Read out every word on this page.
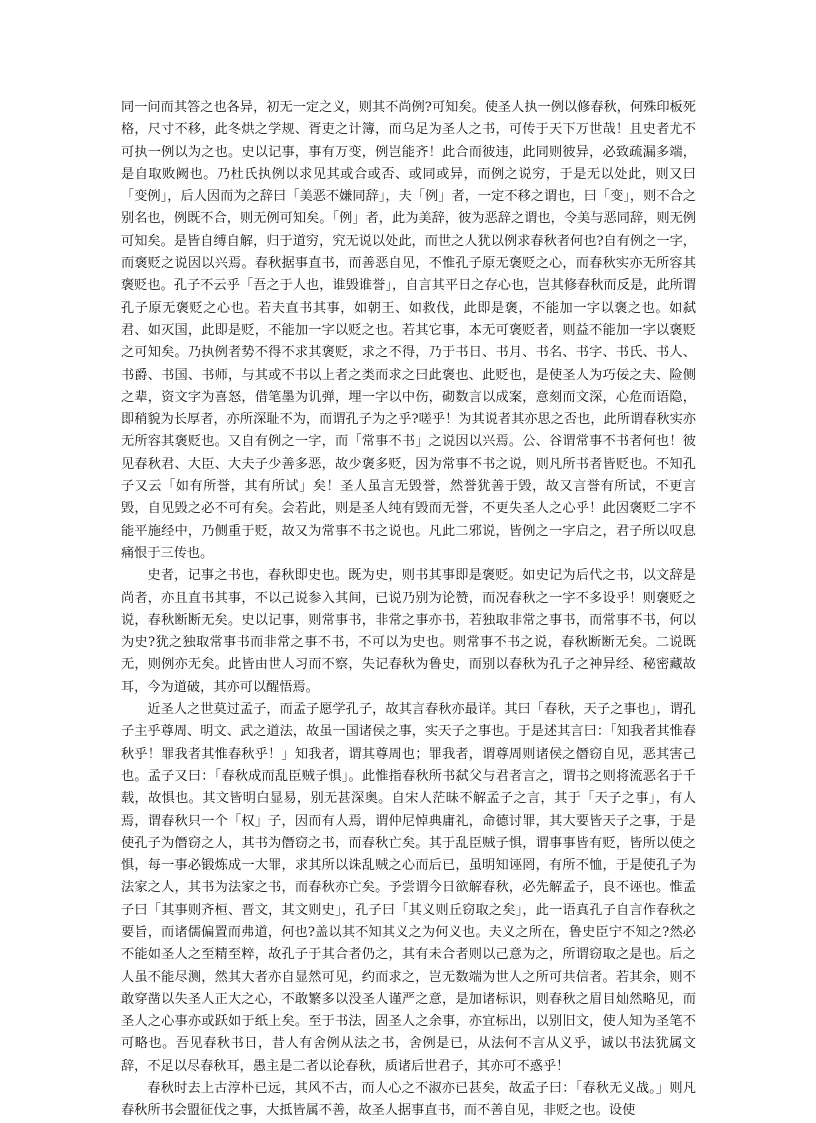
同一问而其答之也各异，初无一定之义，则其不尚例?可知矣。使圣人执一例以修春秋，何殊印板死格，尺寸不移，此冬烘之学规、胥吏之计簿，而乌足为圣人之书，可传于天下万世哉！且史者尤不可执一例以为之也。史以记事，事有万变，例岂能齐！此合而彼违，此同则彼异，必致疏漏多端，是自取败阙也。乃杜氏执例以求见其或合或否、或同或异，而例之说穷，于是无以处此，则又曰「变例」，后人因而为之辞曰「美恶不嫌同辞」，夫「例」者，一定不移之谓也，曰「变」，则不合之别名也，例既不合，则无例可知矣。「例」者，此为美辞，彼为恶辞之谓也，令美与恶同辞，则无例可知矣。是皆自缚自解，归于道穷，究无说以处此，而世之人犹以例求春秋者何也?自有例之一字，而褒贬之说因以兴焉。春秋据事直书，而善恶自见，不惟孔子原无褒贬之心，而春秋实亦无所容其褒贬也。孔子不云乎「吾之于人也，谁毁谁誉」，自言其平日之存心也，岂其修春秋而反是，此所谓孔子原无褒贬之心也。若夫直书其事，如朝王、如救伐，此即是褒，不能加一字以褒之也。如弑君、如灭国，此即是贬，不能加一字以贬之也。若其它事，本无可褒贬者，则益不能加一字以褒贬之可知矣。乃执例者势不得不求其褒贬，求之不得，乃于书日、书月、书名、书字、书氏、书人、书爵、书国、书师，与其或不书以上者之类而求之曰此褒也、此贬也，是使圣人为巧佞之夫、险侧之辈，资文字为喜怒，借笔墨为讥弹，埋一字以中伤，砌数言以成案，意刻而文深，心危而语隐，即稍貌为长厚者，亦所深耻不为，而谓孔子为之乎?嗟乎！为其说者其亦思之否也，此所谓春秋实亦无所容其褒贬也。又自有例之一字，而「常事不书」之说因以兴焉。公、谷谓常事不书者何也！彼见春秋君、大臣、大夫子少善多恶，故少褒多贬，因为常事不书之说，则凡所书者皆贬也。不知孔子又云「如有所誉，其有所试」矣！圣人虽言无毁誉，然誉犹善于毁，故又言誉有所试，不更言毁，自见毁之必不可有矣。会若此，则是圣人纯有毁而无誉，不更失圣人之心乎！此因褒贬二字不能平施经中，乃侧重于贬，故又为常事不书之说也。凡此二邪说，皆例之一字启之，君子所以叹息痛恨于三传也。

史者，记事之书也，春秋即史也。既为史，则书其事即是褒贬。如史记为后代之书，以文辞是尚者，亦且直书其事，不以己说参入其间，已说乃别为论赞，而况春秋之一字不多设乎！则褒贬之说，春秋断断无矣。史以记事，则常事书，非常之事亦书，若独取非常之事书，而常事不书，何以为史?犹之独取常事书而非常之事不书，不可以为史也。则常事不书之说，春秋断断无矣。二说既无，则例亦无矣。此皆由世人习而不察，失记春秋为鲁史，而别以春秋为孔子之神异经、秘密藏故耳，今为道破，其亦可以醒悟焉。

近圣人之世莫过孟子，而孟子愿学孔子，故其言春秋亦最详。其曰「春秋，天子之事也」，谓孔子主乎尊周、明文、武之道法，故虽一国诸侯之事，实天子之事也。于是述其言曰：「知我者其惟春秋乎！罪我者其惟春秋乎！」知我者，谓其尊周也；罪我者，谓尊周则诸侯之僭窃自见，恶其害己也。孟子又曰：「春秋成而乱臣贼子惧」。此惟指春秋所书弑父与君者言之，谓书之则将流恶名于千载，故惧也。其文皆明白显易，别无甚深奥。自宋人茫昧不解孟子之言，其于「天子之事」，有人焉，谓春秋只一个「权」子，因而有人焉，谓仲尼悼典庸礼，命德讨罪，其大要皆天子之事，于是使孔子为僭窃之人，其书为僭窃之书，而春秋亡矣。其于乱臣贼子惧，谓事事皆有贬，皆所以使之惧，每一事必锻炼成一大罪，求其所以诛乱贼之心而后已，虽明知诬罔，有所不恤，于是使孔子为法家之人，其书为法家之书，而春秋亦亡矣。予尝谓今日欲解春秋，必先解孟子，良不诬也。惟孟子曰「其事则齐桓、晋文，其文则史」，孔子曰「其义则丘窃取之矣」，此一语真孔子自言作春秋之要旨，而诸儒偏置而弗道，何也?盖以其不知其义之为何义也。夫义之所在，鲁史臣宁不知之?然必不能如圣人之至精至粹，故孔子于其合者仍之，其有未合者则以己意为之，所谓窃取之是也。后之人虽不能尽测，然其大者亦自显然可见，约而求之，岂无数端为世人之所可共信者。若其余，则不敢穿凿以失圣人正大之心，不敢繁多以没圣人谨严之意，是加诸标识，则春秋之眉目灿然略见，而圣人之心事亦或跃如于纸上矣。至于书法，固圣人之余事，亦宜标出，以别旧文，使人知为圣笔不可略也。吾见春秋书日，昔人有舍例从法之书，舍例是已，从法何不言从义乎，诚以书法犹属文辞，不足以尽春秋耳，愚主是二者以论春秋，质诸后世君子，其亦可不惑乎！

春秋时去上古淳朴已远，其风不古，而人心之不淑亦已甚矣，故孟子曰：「春秋无义战。」则凡春秋所书会盟征伐之事，大抵皆属不善，故圣人据事直书，而不善自见，非贬之也。设使
